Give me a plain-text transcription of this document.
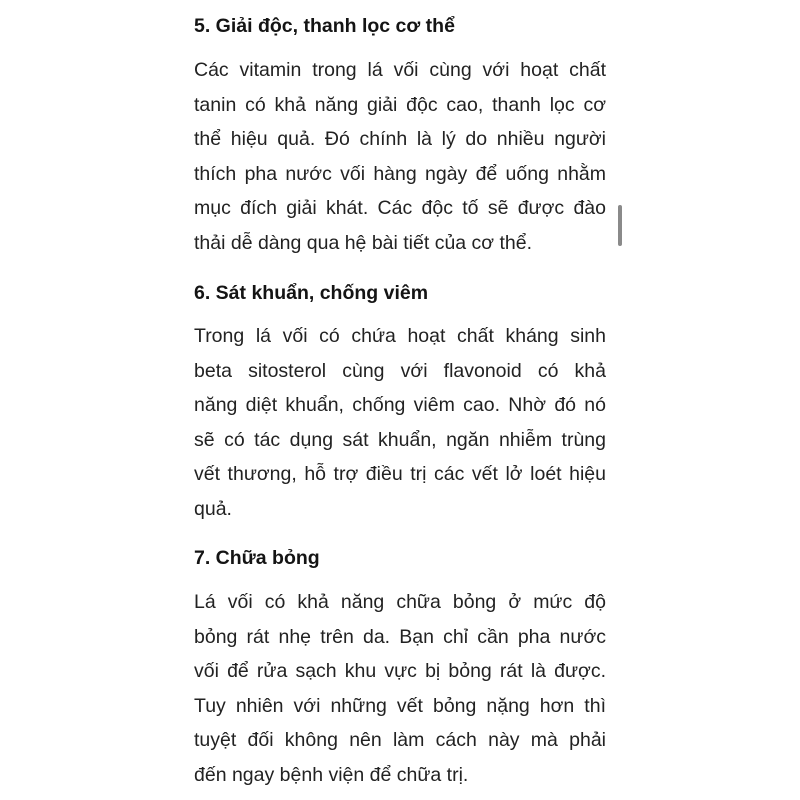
5. Giải độc, thanh lọc cơ thể
Các vitamin trong lá vối cùng với hoạt chất
tanin có khả năng giải độc cao, thanh lọc cơ
thể hiệu quả. Đó chính là lý do nhiều người
thích pha nước vối hàng ngày để uống nhằm
mục đích giải khát. Các độc tố sẽ được đào
thải dễ dàng qua hệ bài tiết của cơ thể.
6. Sát khuẩn, chống viêm
Trong lá vối có chứa hoạt chất kháng sinh
beta sitosterol cùng với flavonoid có khả
năng diệt khuẩn, chống viêm cao. Nhờ đó nó
sẽ có tác dụng sát khuẩn, ngăn nhiễm trùng
vết thương, hỗ trợ điều trị các vết lở loét hiệu
quả.
7. Chữa bỏng
Lá vối có khả năng chữa bỏng ở mức độ
bỏng rát nhẹ trên da. Bạn chỉ cần pha nước
vối để rửa sạch khu vực bị bỏng rát là được.
Tuy nhiên với những vết bỏng nặng hơn thì
tuyệt đối không nên làm cách này mà phải
đến ngay bệnh viện để chữa trị.
